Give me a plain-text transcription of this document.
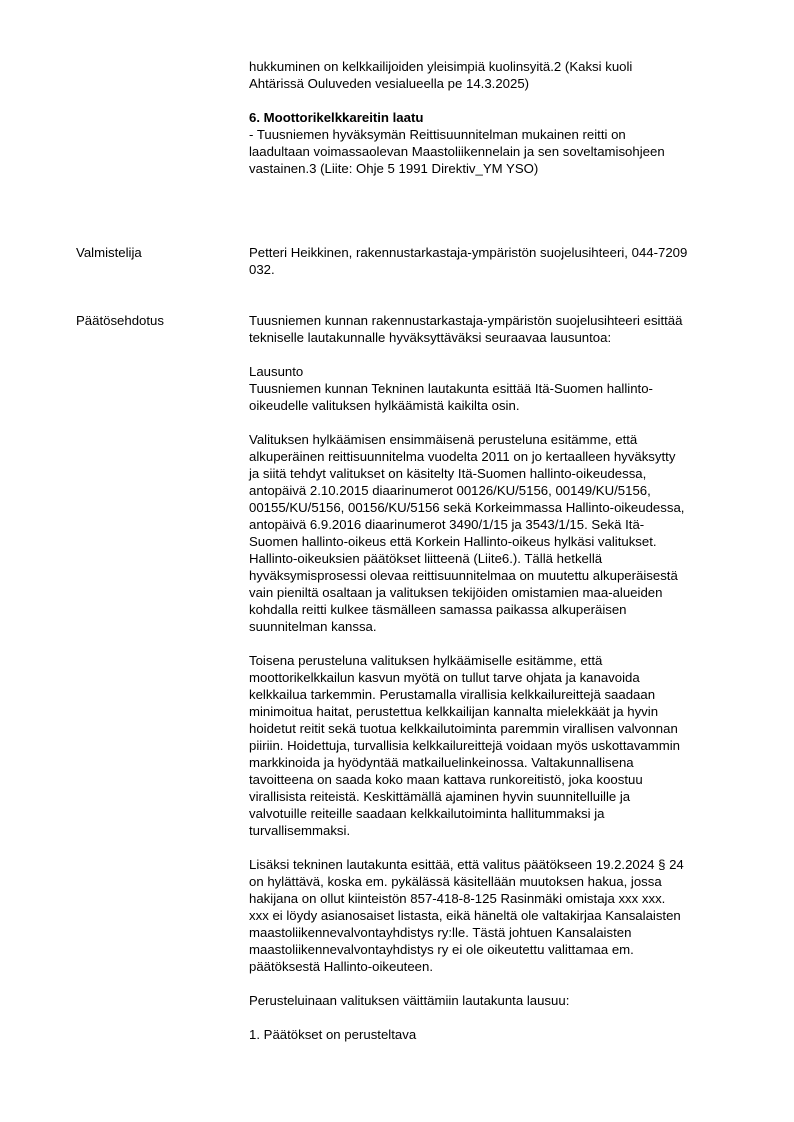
hukkuminen on kelkkailijoiden yleisimpiä kuolinsyitä.2 (Kaksi kuoli
Ahtärissä Ouluveden vesialueella pe 14.3.2025)

6. Moottorikelkkareitin laatu

- Tuusniemen hyväksymän Reittisuunnitelman mukainen reitti on
laadultaan voimassaolevan Maastoliikennelain ja sen soveltamisohjeen
vastainen.3 (Liite: Ohje 5 1991 Direktiv_YM YSO)

Valmistelija	Petteri Heikkinen, rakennustarkastaja-ympäristön suojelusihteeri, 044-7209
032.

Päätösehdotus	Tuusniemen kunnan rakennustarkastaja-ympäristön suojelusihteeri esittää
tekniselle lautakunnalle hyväksyttäväksi seuraavaa lausuntoa:

Lausunto
Tuusniemen kunnan Tekninen lautakunta esittää Itä-Suomen hallinto-
oikeudelle valituksen hylkäämistä kaikilta osin.

Valituksen hylkäämisen ensimmäisenä perusteluna esitämme, että
alkuperäinen reittisuunnitelma vuodelta 2011 on jo kertaalleen hyväksytty
ja siitä tehdyt valitukset on käsitelty Itä-Suomen hallinto-oikeudessa,
antopäivä 2.10.2015 diaarinumerot 00126/KU/5156, 00149/KU/5156,
00155/KU/5156, 00156/KU/5156 sekä Korkeimmassa Hallinto-oikeudessa,
antopäivä 6.9.2016 diaarinumerot 3490/1/15 ja 3543/1/15. Sekä Itä-
Suomen hallinto-oikeus että Korkein Hallinto-oikeus hylkäsi valitukset.
Hallinto-oikeuksien päätökset liitteenä (Liite6.). Tällä hetkellä
hyväksymisprosessi olevaa reittisuunnitelmaa on muutettu alkuperäisestä
vain pieniltä osaltaan ja valituksen tekijöiden omistamien maa-alueiden
kohdalla reitti kulkee täsmälleen samassa paikassa alkuperäisen
suunnitelman kanssa.

Toisena perusteluna valituksen hylkäämiselle esitämme, että
moottorikelkkailun kasvun myötä on tullut tarve ohjata ja kanavoida
kelkkailua tarkemmin. Perustamalla virallisia kelkkailureittejä saadaan
minimoitua haitat, perustettua kelkkailijan kannalta mielekkäät ja hyvin
hoidetut reitit sekä tuotua kelkkailutoiminta paremmin virallisen valvonnan
piiriin. Hoidettuja, turvallisia kelkkailureittejä voidaan myös uskottavammin
markkinoida ja hyödyntää matkailuelinkeinossa. Valtakunnallisena
tavoitteena on saada koko maan kattava runkoreitistö, joka koostuu
virallisista reiteistä. Keskittämällä ajaminen hyvin suunnitelluille ja
valvotuille reiteille saadaan kelkkailutoiminta hallitummaksi ja
turvallisemmaksi.

Lisäksi tekninen lautakunta esittää, että valitus päätökseen 19.2.2024 § 24
on hylättävä, koska em. pykälässä käsitellään muutoksen hakua, jossa
hakijana on ollut kiinteistön 857-418-8-125 Rasinmäki omistaja xxx xxx.
xxx ei löydy asianosaiset listasta, eikä häneltä ole valtakirjaa Kansalaisten
maastoliikennevalvontayhdistys ry:lle. Tästä johtuen Kansalaisten
maastoliikennevalvontayhdistys ry ei ole oikeutettu valittamaa em.
päätöksestä Hallinto-oikeuteen.

Perusteluinaan valituksen väittämiin lautakunta lausuu:

1. Päätökset on perusteltava
